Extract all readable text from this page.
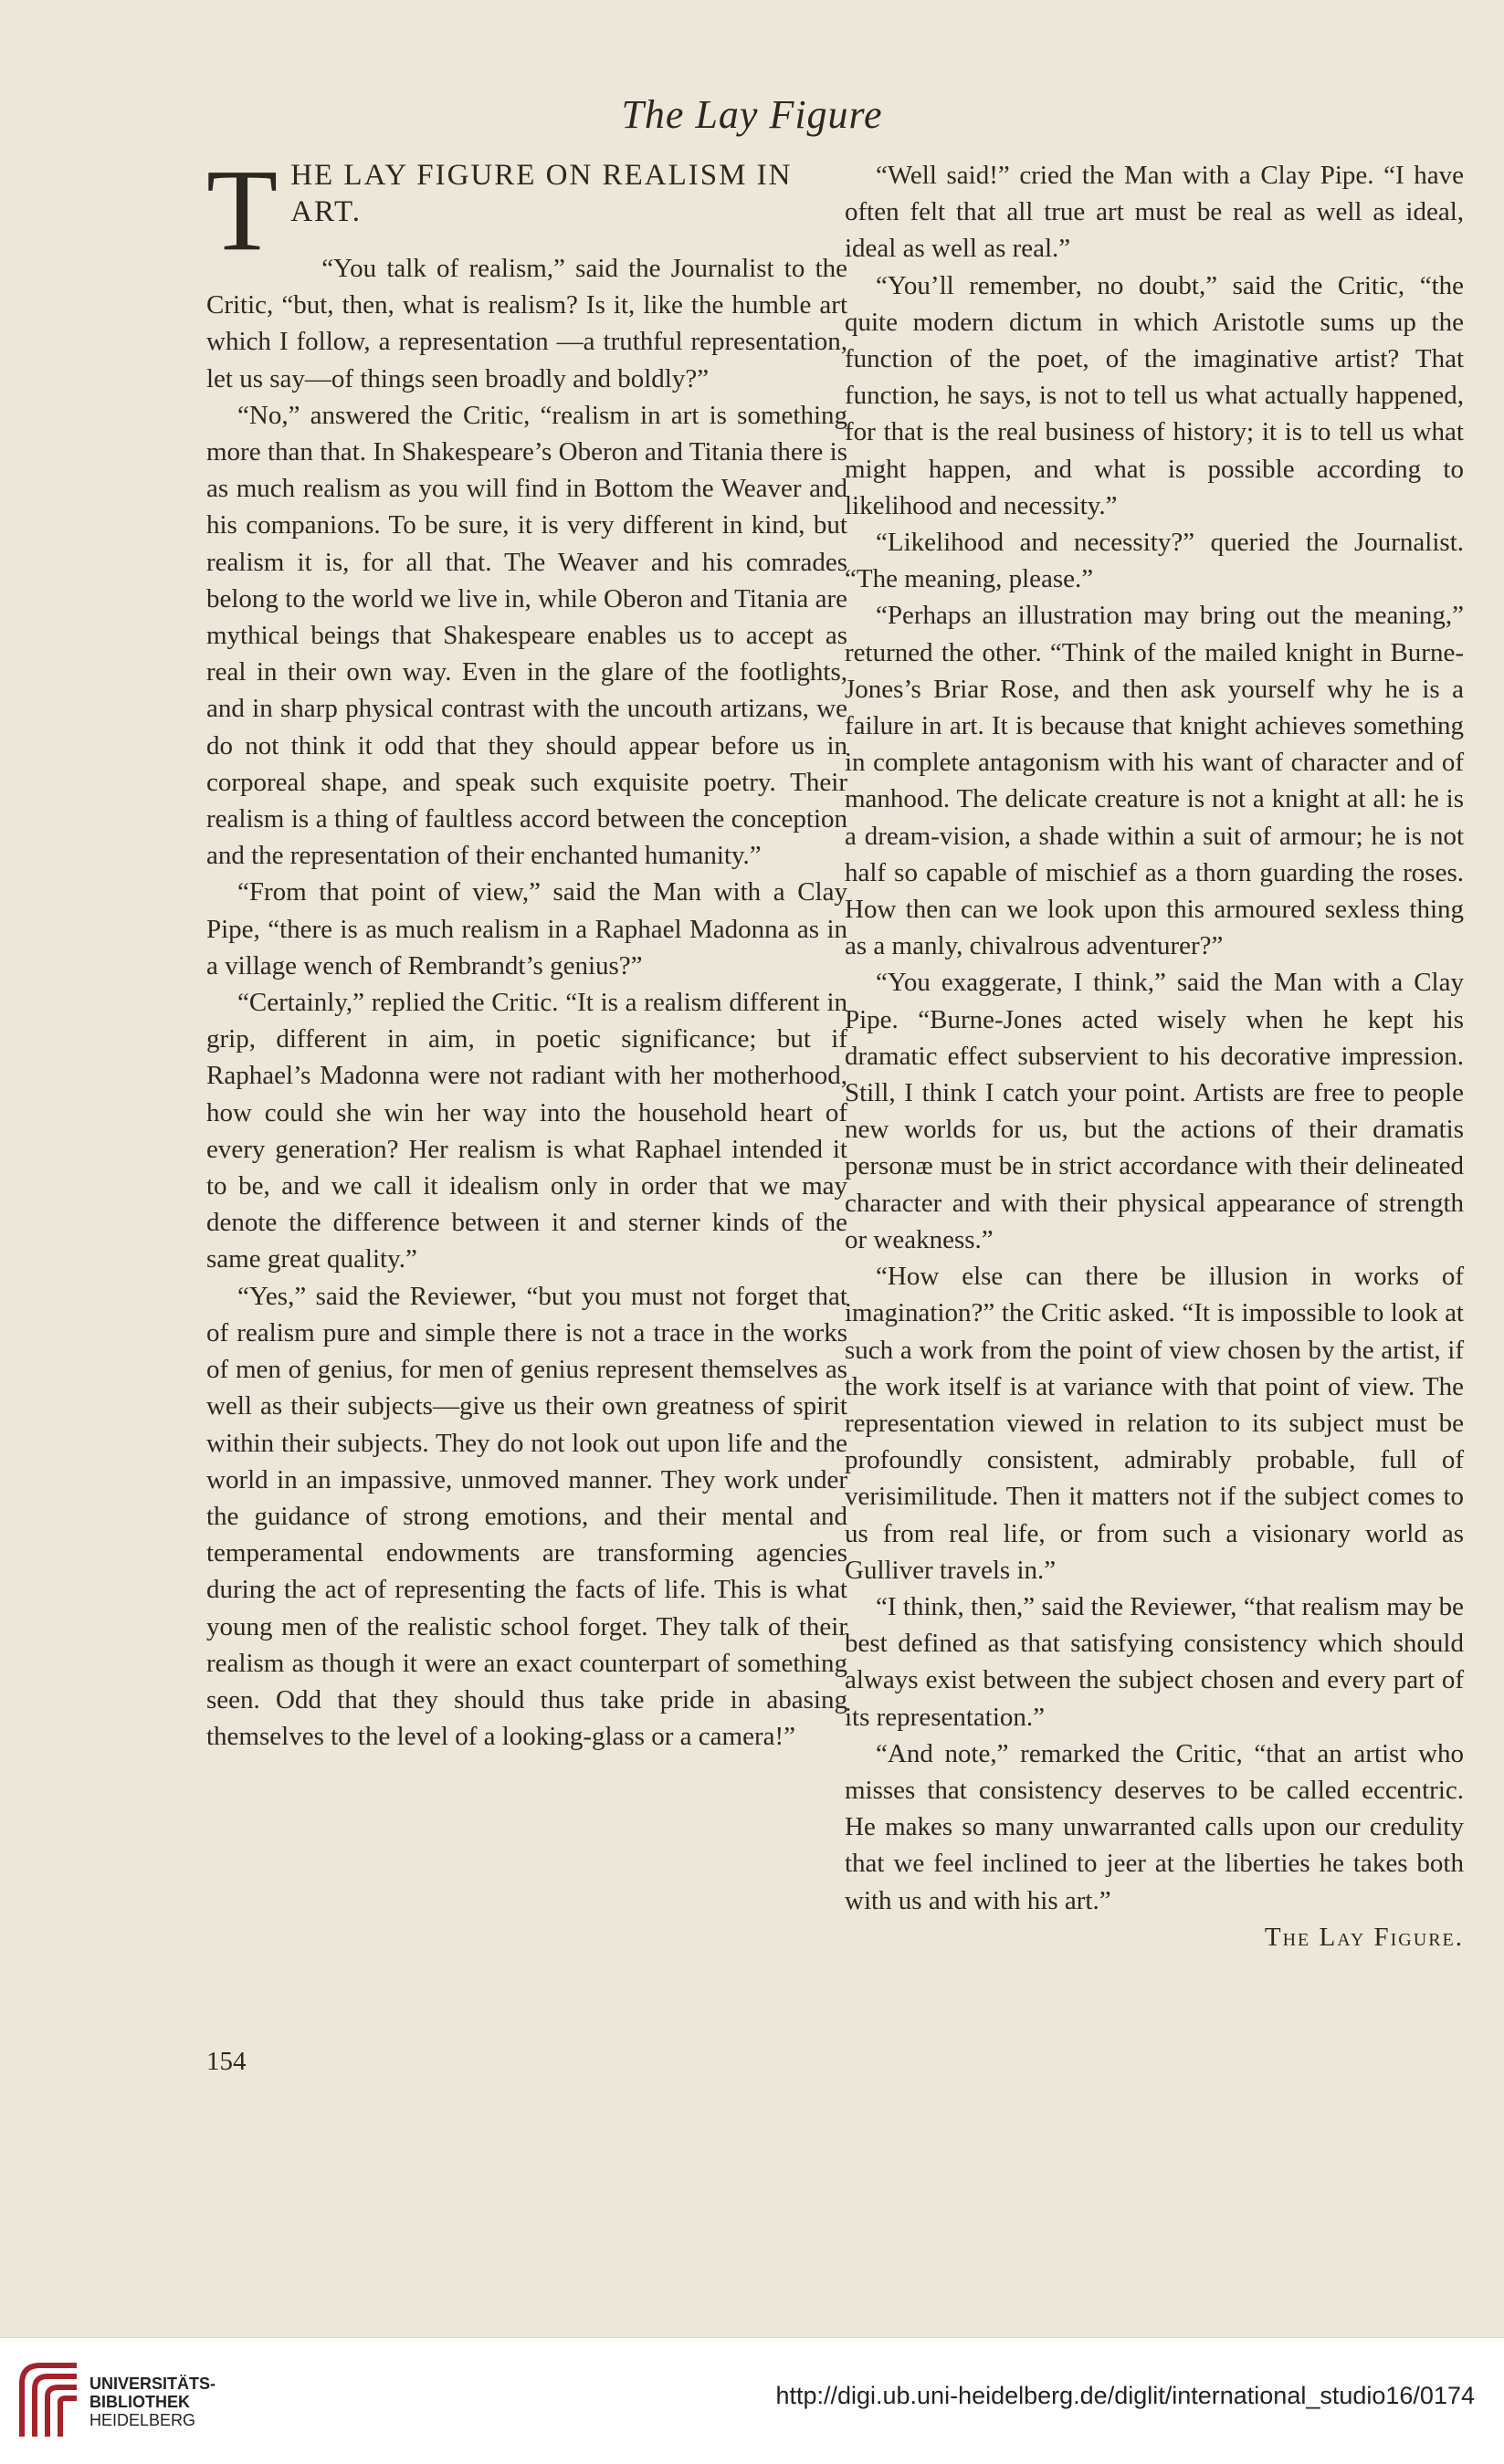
The Lay Figure
T HE LAY FIGURE ON REALISM IN ART.

“You talk of realism,” said the Journalist to the Critic, “but, then, what is realism? Is it, like the humble art which I follow, a representation —a truthful representation, let us say—of things seen broadly and boldly?”

“No,” answered the Critic, “realism in art is something more than that. In Shakespeare’s Oberon and Titania there is as much realism as you will find in Bottom the Weaver and his companions. To be sure, it is very different in kind, but realism it is, for all that. The Weaver and his comrades belong to the world we live in, while Oberon and Titania are mythical beings that Shakespeare enables us to accept as real in their own way. Even in the glare of the footlights, and in sharp physical contrast with the uncouth artizans, we do not think it odd that they should appear before us in corporeal shape, and speak such exquisite poetry. Their realism is a thing of faultless accord between the conception and the representation of their enchanted humanity.”

“From that point of view,” said the Man with a Clay Pipe, “there is as much realism in a Raphael Madonna as in a village wench of Rembrandt’s genius?”

“Certainly,” replied the Critic. “It is a realism different in grip, different in aim, in poetic significance; but if Raphael’s Madonna were not radiant with her motherhood, how could she win her way into the household heart of every generation? Her realism is what Raphael intended it to be, and we call it idealism only in order that we may denote the difference between it and sterner kinds of the same great quality.”

“Yes,” said the Reviewer, “but you must not forget that of realism pure and simple there is not a trace in the works of men of genius, for men of genius represent themselves as well as their subjects—give us their own greatness of spirit within their subjects. They do not look out upon life and the world in an impassive, unmoved manner. They work under the guidance of strong emotions, and their mental and temperamental endowments are transforming agencies during the act of representing the facts of life. This is what young men of the realistic school forget. They talk of their realism as though it were an exact counterpart of something seen. Odd that they should thus take pride in abasing themselves to the level of a looking-glass or a camera!”

“Well said!” cried the Man with a Clay Pipe. “I have often felt that all true art must be real as well as ideal, ideal as well as real.”

“You’ll remember, no doubt,” said the Critic, “the quite modern dictum in which Aristotle sums up the function of the poet, of the imaginative artist? That function, he says, is not to tell us what actually happened, for that is the real business of history; it is to tell us what might happen, and what is possible according to likelihood and necessity.”

“Likelihood and necessity?” queried the Journalist. “The meaning, please.”

“Perhaps an illustration may bring out the meaning,” returned the other. “Think of the mailed knight in Burne-Jones’s Briar Rose, and then ask yourself why he is a failure in art. It is because that knight achieves something in complete antagonism with his want of character and of manhood. The delicate creature is not a knight at all: he is a dream-vision, a shade within a suit of armour; he is not half so capable of mischief as a thorn guarding the roses. How then can we look upon this armoured sexless thing as a manly, chivalrous adventurer?”

“You exaggerate, I think,” said the Man with a Clay Pipe. “Burne-Jones acted wisely when he kept his dramatic effect subservient to his decorative impression. Still, I think I catch your point. Artists are free to people new worlds for us, but the actions of their dramatis personæ must be in strict accordance with their delineated character and with their physical appearance of strength or weakness.”

“How else can there be illusion in works of imagination?” the Critic asked. “It is impossible to look at such a work from the point of view chosen by the artist, if the work itself is at variance with that point of view. The representation viewed in relation to its subject must be profoundly consistent, admirably probable, full of verisimilitude. Then it matters not if the subject comes to us from real life, or from such a visionary world as Gulliver travels in.”

“I think, then,” said the Reviewer, “that realism may be best defined as that satisfying consistency which should always exist between the subject chosen and every part of its representation.”

“And note,” remarked the Critic, “that an artist who misses that consistency deserves to be called eccentric. He makes so many unwarranted calls upon our credulity that we feel inclined to jeer at the liberties he takes both with us and with his art.”

The Lay Figure.

154
UNIVERSITÄTS-
BIBLIOTHEK
HEIDELBERG
http://digi.ub.uni-heidelberg.de/diglit/international_studio16/0174
